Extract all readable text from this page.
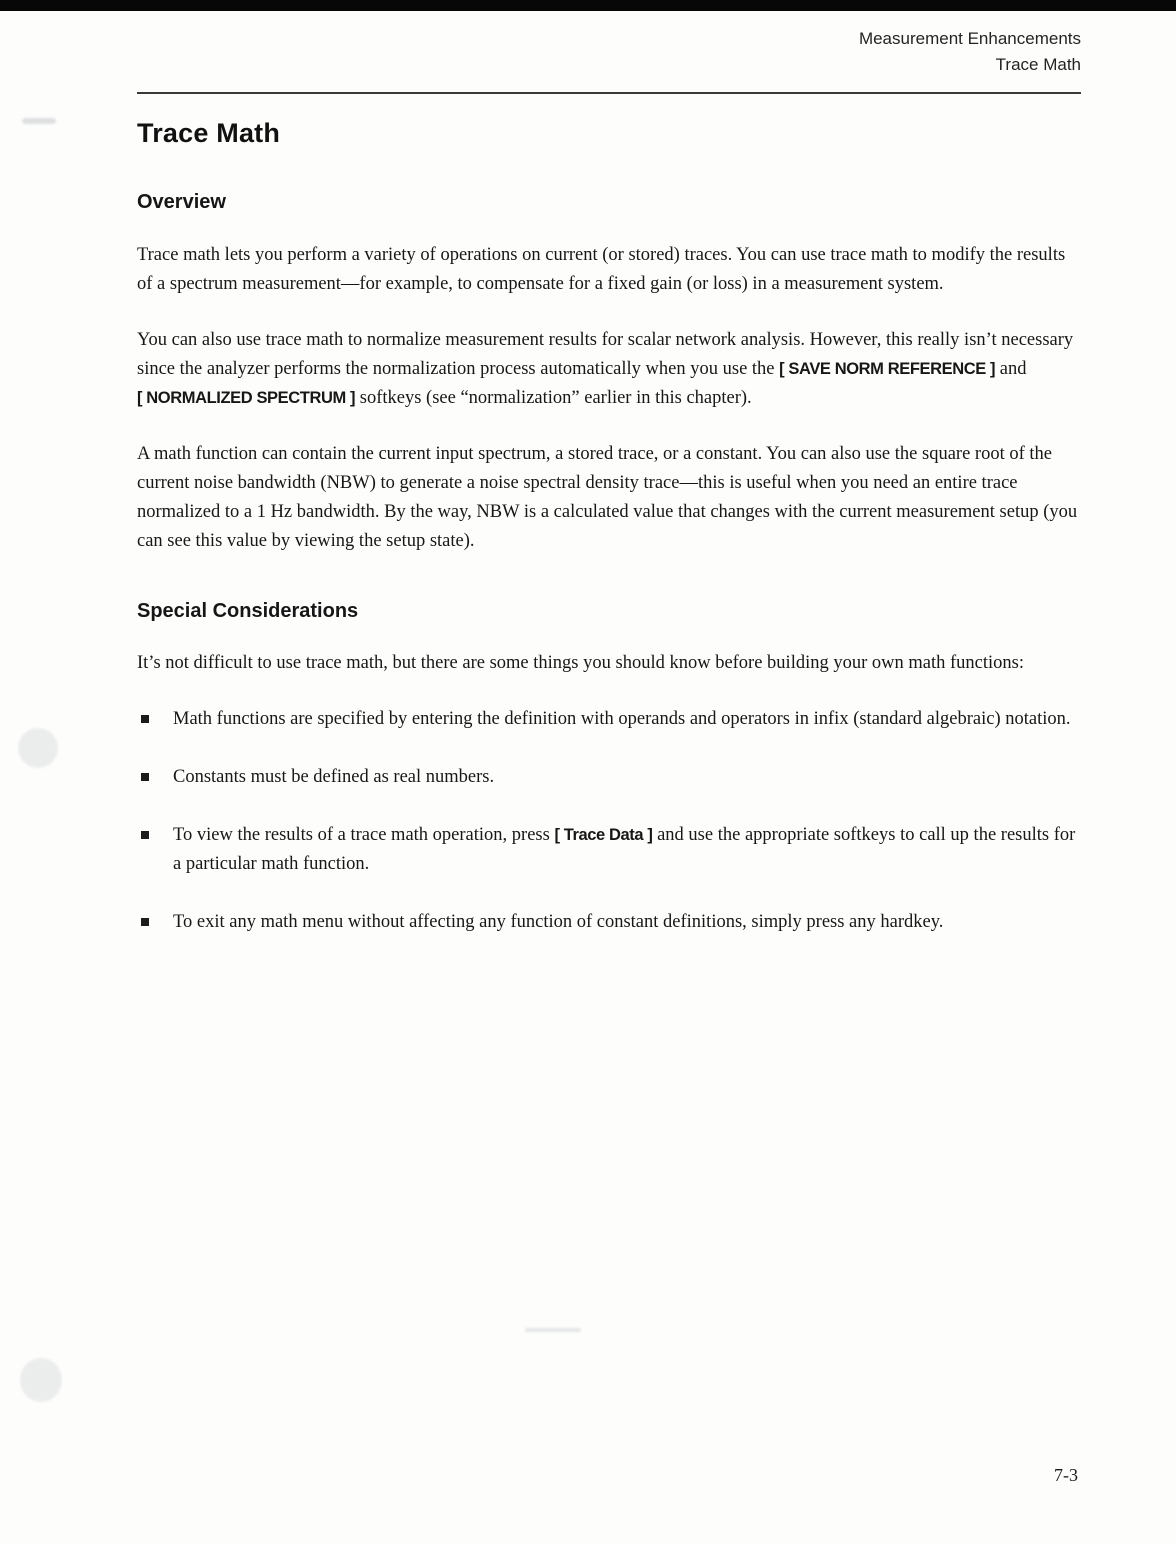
Measurement Enhancements
Trace Math
Trace Math
Overview

Trace math lets you perform a variety of operations on current (or stored) traces. You can use trace math to modify the results of a spectrum measurement—for example, to compensate for a fixed gain (or loss) in a measurement system.

You can also use trace math to normalize measurement results for scalar network analysis. However, this really isn’t necessary since the analyzer performs the normalization process automatically when you use the [ SAVE NORM REFERENCE ] and [ NORMALIZED SPECTRUM ] softkeys (see “normalization” earlier in this chapter).

A math function can contain the current input spectrum, a stored trace, or a constant. You can also use the square root of the current noise bandwidth (NBW) to generate a noise spectral density trace—this is useful when you need an entire trace normalized to a 1 Hz bandwidth. By the way, NBW is a calculated value that changes with the current measurement setup (you can see this value by viewing the setup state).

Special Considerations

It’s not difficult to use trace math, but there are some things you should know before building your own math functions:

Math functions are specified by entering the definition with operands and operators in infix (standard algebraic) notation.
Constants must be defined as real numbers.
To view the results of a trace math operation, press [ Trace Data ] and use the appropriate softkeys to call up the results for a particular math function.
To exit any math menu without affecting any function of constant definitions, simply press any hardkey.
7-3
